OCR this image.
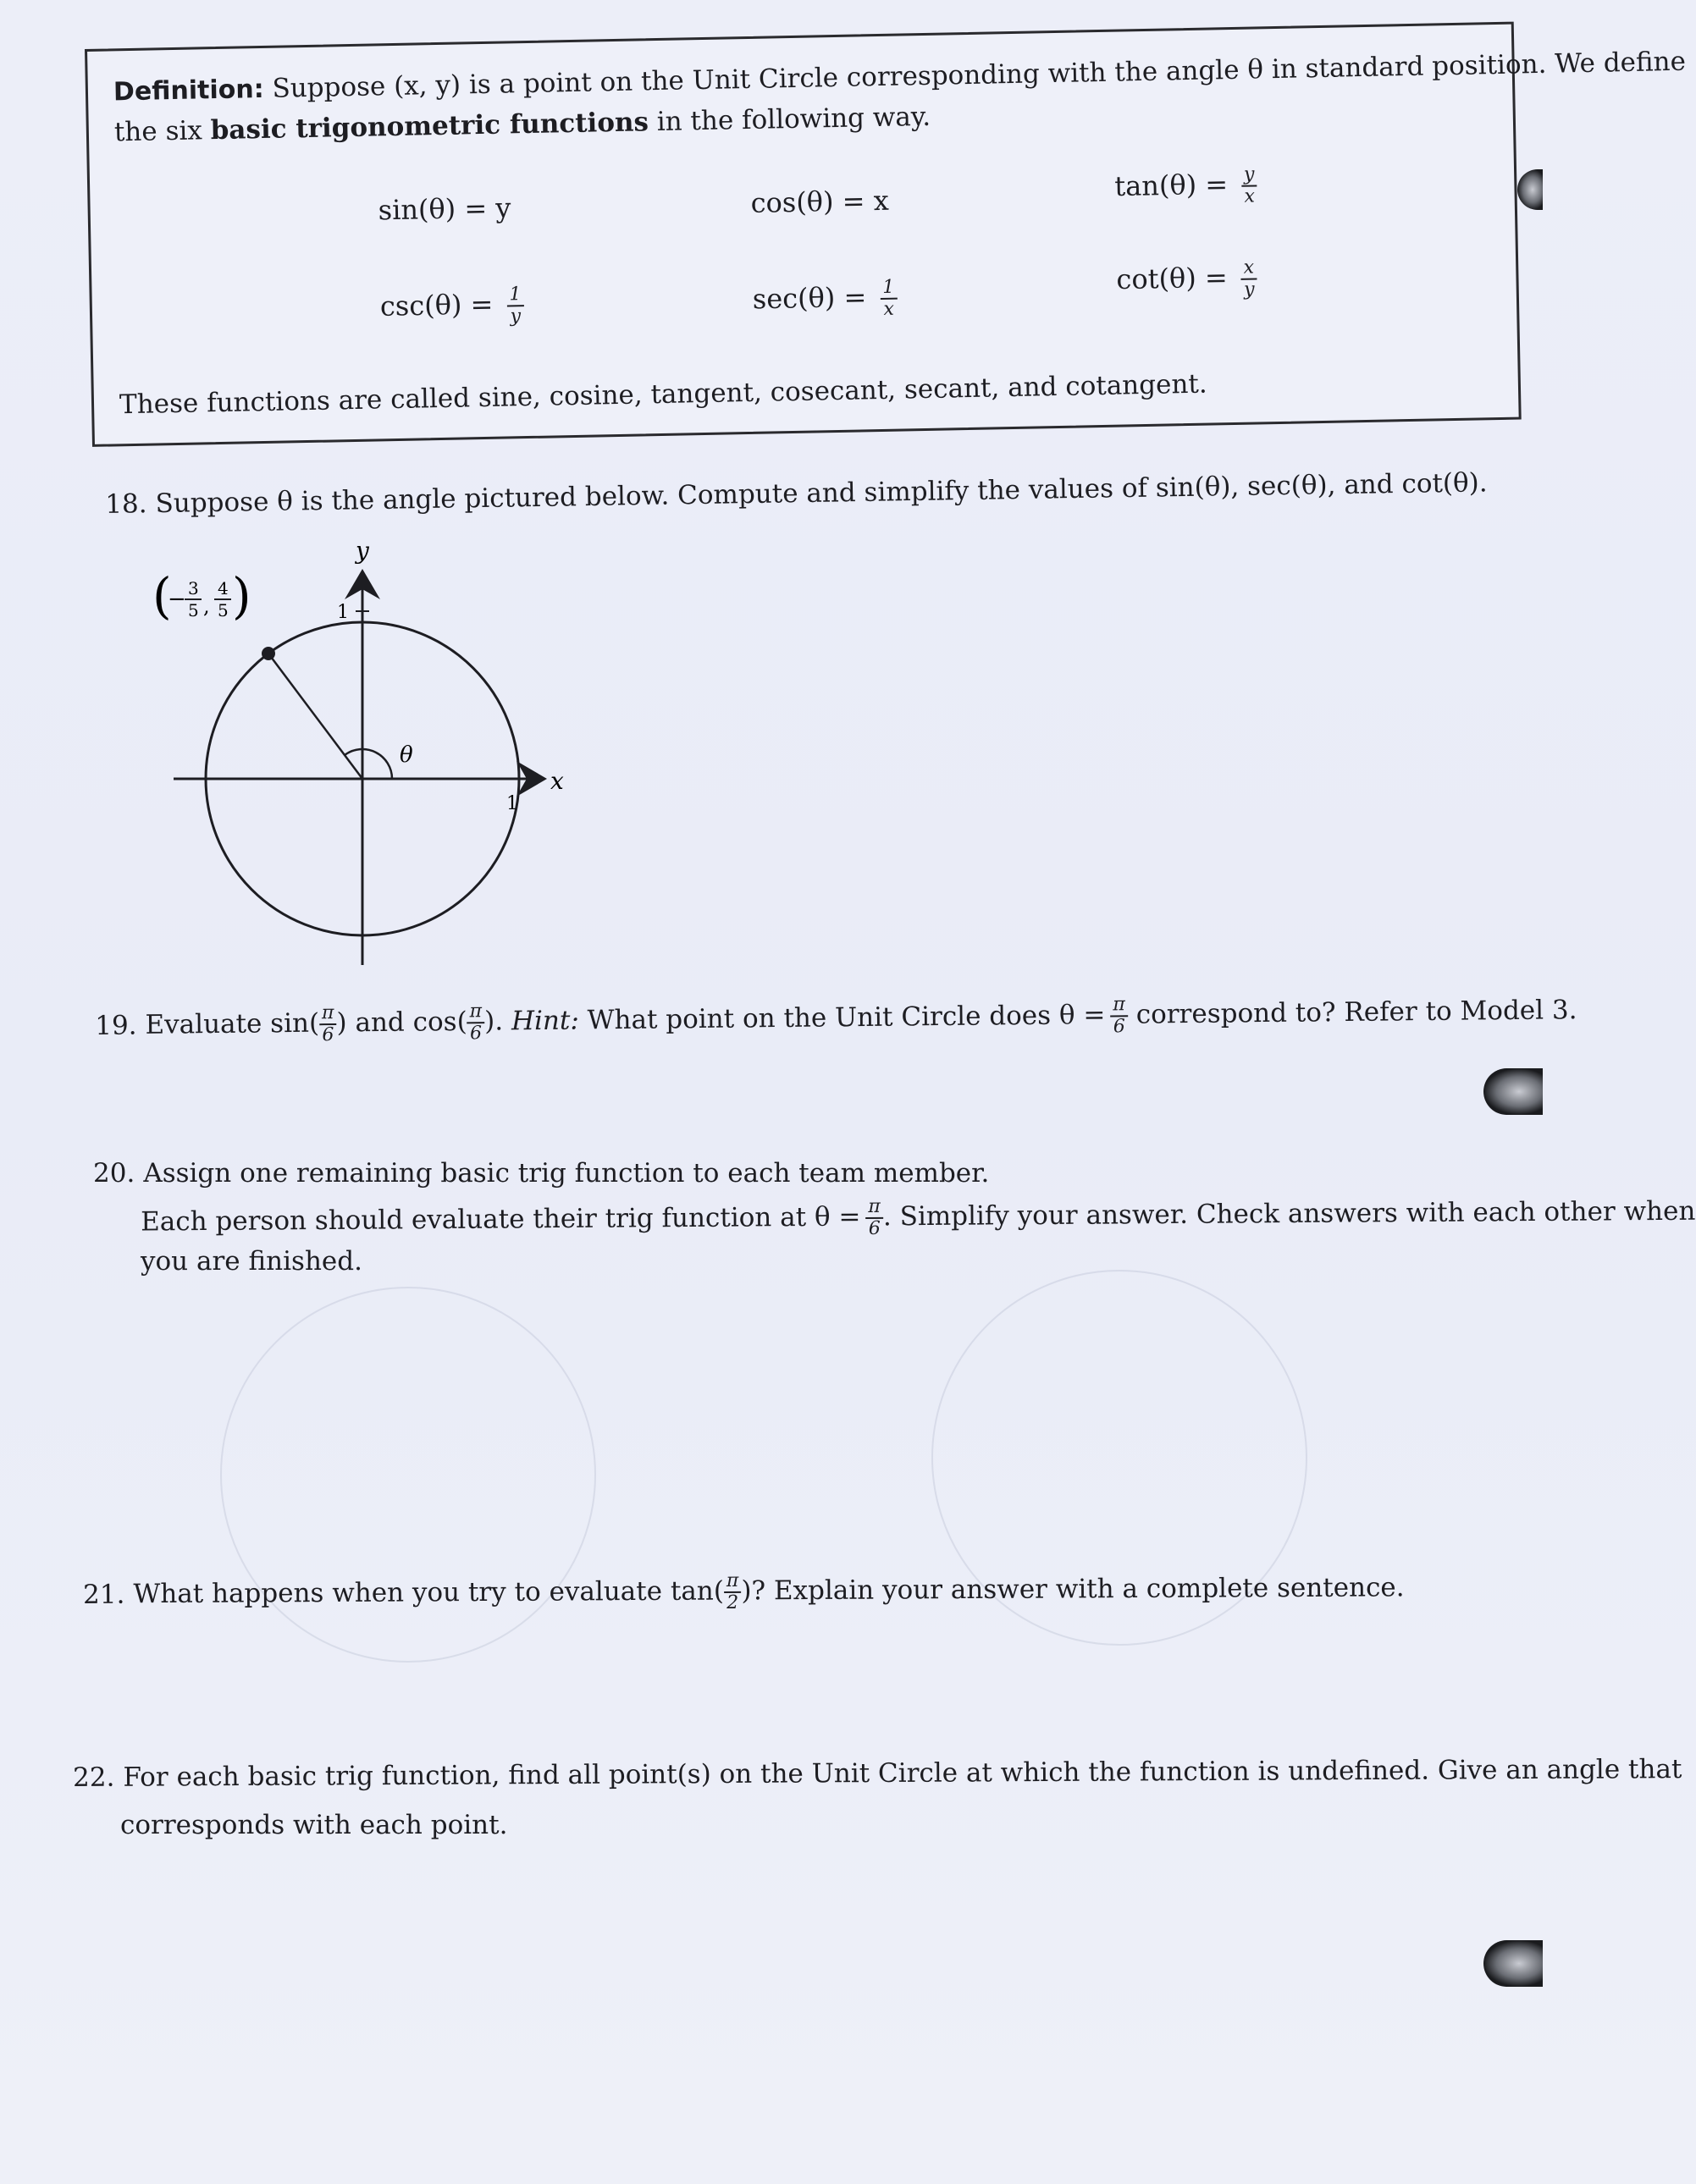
Definition: Suppose (x, y) is a point on the Unit Circle corresponding with the angle θ in standard position. We define
the six basic trigonometric functions in the following way.
sin(θ) = y	cos(θ) = x	$\tan(\theta) = \frac{y}{x}$
$\csc(\theta) = \frac{1}{y}$	$\sec(\theta) = \frac{1}{x}$	$\cot(\theta) = \frac{x}{y}$
These functions are called sine, cosine, tangent, cosecant, secant, and cotangent.
18. Suppose θ is the angle pictured below. Compute and simplify the values of sin(θ), sec(θ), and cot(θ).
θ
x
y
1
1
(
− 3
5 ,
4
5 )
19. Evaluate $\sin( \frac{\pi}{6}$ ) and $\cos( \frac{\pi}{6}$ ). Hint: What point on the Unit Circle does $\theta = \frac{\pi}{6}$ correspond to? Refer to Model 3.
20. Assign one remaining basic trig function to each team member.
Each person should evaluate their trig function at $\theta = \frac{\pi}{6}$ . Simplify your answer. Check answers with each other when
you are finished.
21. What happens when you try to evaluate $\tan( \frac{\pi}{2}$ )? Explain your answer with a complete sentence.
22. For each basic trig function, find all point(s) on the Unit Circle at which the function is undefined. Give an angle that
corresponds with each point.
